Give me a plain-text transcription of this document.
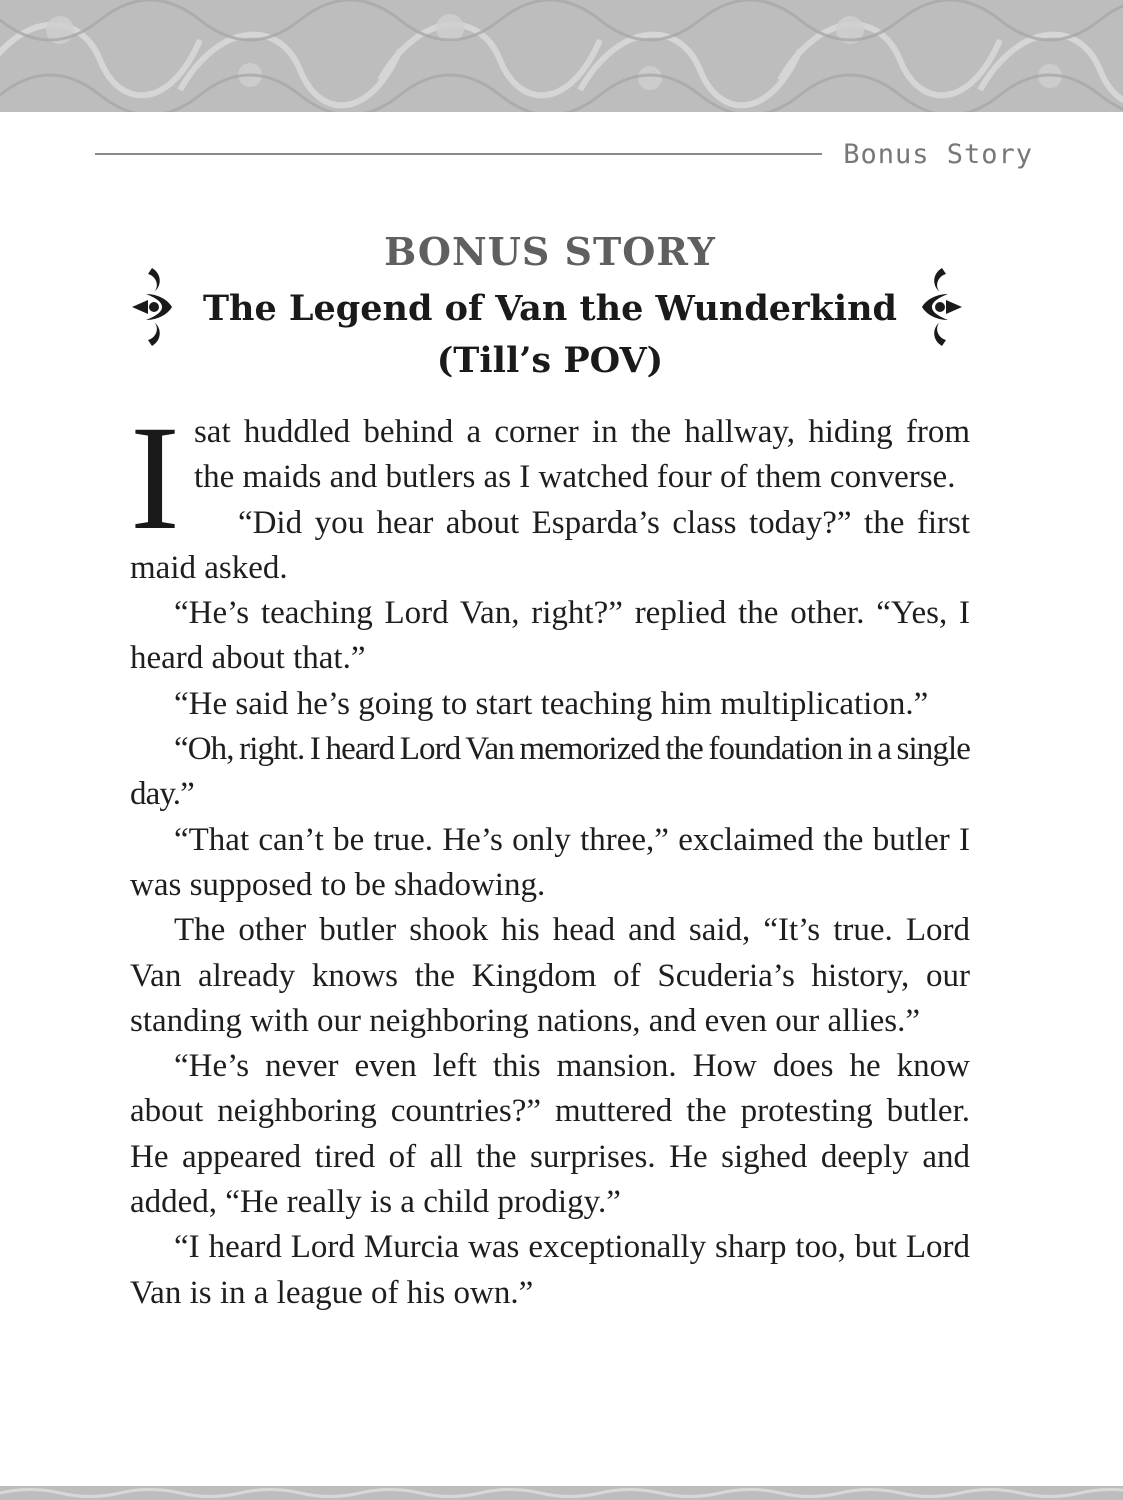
Bonus Story
BONUS STORY
The Legend of Van the Wunderkind
(Till’s POV)

I sat huddled behind a corner in the hallway, hiding from the maids and butlers as I watched four of them converse.

“Did you hear about Esparda’s class today?” the first maid asked.

“He’s teaching Lord Van, right?” replied the other. “Yes, I heard about that.”

“He said he’s going to start teaching him multiplication.”

“Oh, right. I heard Lord Van memorized the foundation in a single day.”

“That can’t be true. He’s only three,” exclaimed the butler I was supposed to be shadowing.

The other butler shook his head and said, “It’s true. Lord Van already knows the Kingdom of Scuderia’s history, our standing with our neighboring nations, and even our allies.”

“He’s never even left this mansion. How does he know about neighboring countries?” muttered the protesting butler. He appeared tired of all the surprises. He sighed deeply and added, “He really is a child prodigy.”

“I heard Lord Murcia was exceptionally sharp too, but Lord Van is in a league of his own.”
